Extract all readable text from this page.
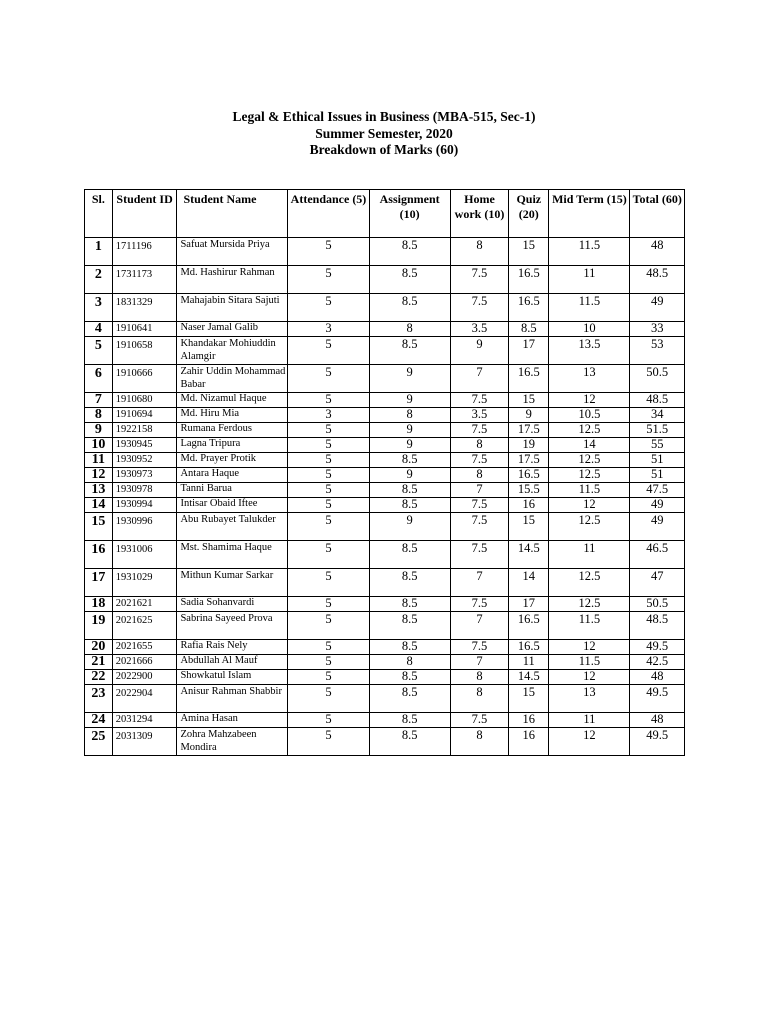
Legal & Ethical Issues in Business (MBA-515, Sec-1)
Summer Semester, 2020
Breakdown of Marks (60)
Sl.	Student ID	Student Name	Attendance (5)	Assignment (10)	Home work (10)	Quiz (20)	Mid Term (15)	Total (60)
1	1711196	Safuat Mursida Priya	5	8.5	8	15	11.5	48
2	1731173	Md. Hashirur Rahman	5	8.5	7.5	16.5	11	48.5
3	1831329	Mahajabin Sitara Sajuti	5	8.5	7.5	16.5	11.5	49
4	1910641	Naser Jamal Galib	3	8	3.5	8.5	10	33
5	1910658	Khandakar Mohiuddin Alamgir	5	8.5	9	17	13.5	53
6	1910666	Zahir Uddin Mohammad Babar	5	9	7	16.5	13	50.5
7	1910680	Md. Nizamul Haque	5	9	7.5	15	12	48.5
8	1910694	Md. Hiru Mia	3	8	3.5	9	10.5	34
9	1922158	Rumana Ferdous	5	9	7.5	17.5	12.5	51.5
10	1930945	Lagna Tripura	5	9	8	19	14	55
11	1930952	Md. Prayer Protik	5	8.5	7.5	17.5	12.5	51
12	1930973	Antara Haque	5	9	8	16.5	12.5	51
13	1930978	Tanni Barua	5	8.5	7	15.5	11.5	47.5
14	1930994	Intisar Obaid Iftee	5	8.5	7.5	16	12	49
15	1930996	Abu Rubayet Talukder	5	9	7.5	15	12.5	49
16	1931006	Mst. Shamima Haque	5	8.5	7.5	14.5	11	46.5
17	1931029	Mithun Kumar Sarkar	5	8.5	7	14	12.5	47
18	2021621	Sadia Sohanvardi	5	8.5	7.5	17	12.5	50.5
19	2021625	Sabrina Sayeed Prova	5	8.5	7	16.5	11.5	48.5
20	2021655	Rafia Rais Nely	5	8.5	7.5	16.5	12	49.5
21	2021666	Abdullah Al Mauf	5	8	7	11	11.5	42.5
22	2022900	Showkatul Islam	5	8.5	8	14.5	12	48
23	2022904	Anisur Rahman Shabbir	5	8.5	8	15	13	49.5
24	2031294	Amina Hasan	5	8.5	7.5	16	11	48
25	2031309	Zohra Mahzabeen Mondira	5	8.5	8	16	12	49.5
